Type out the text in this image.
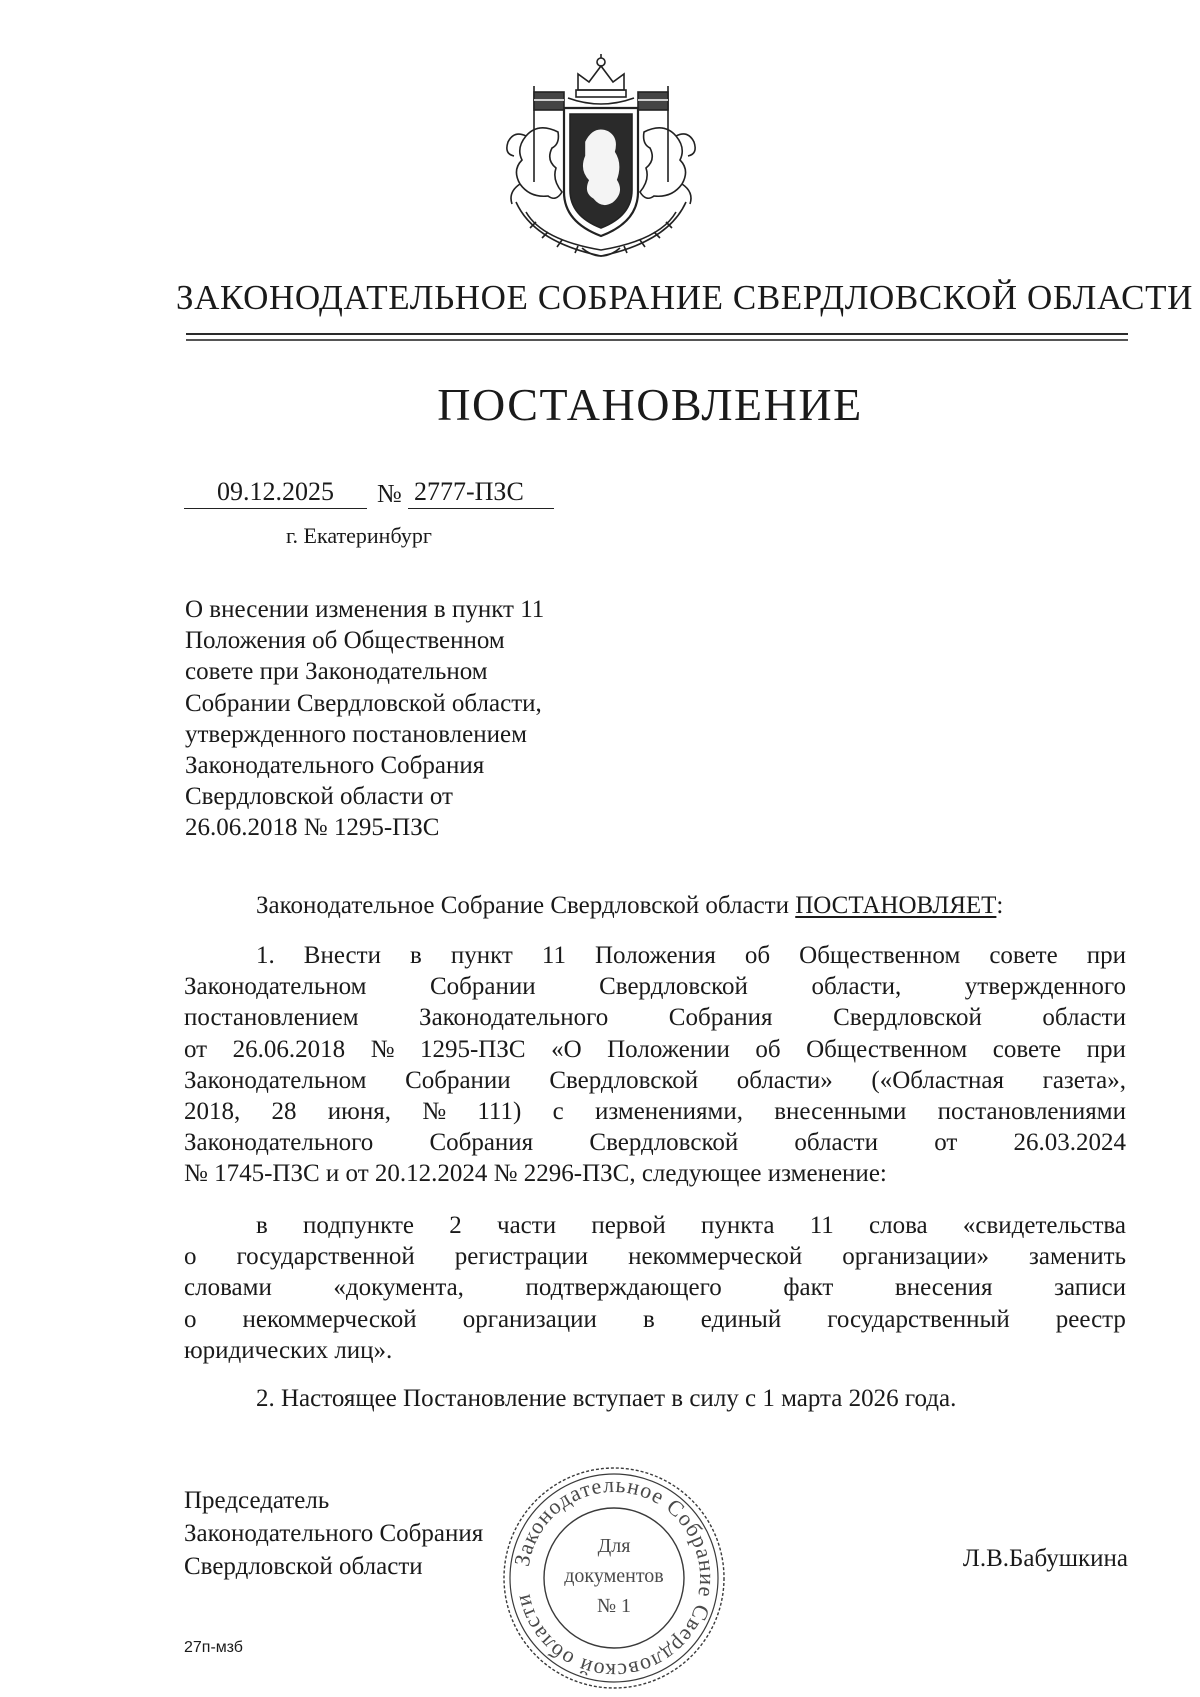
ЗАКОНОДАТЕЛЬНОЕ СОБРАНИЕ СВЕРДЛОВСКОЙ ОБЛАСТИ
ПОСТАНОВЛЕНИЕ
09.12.2025	№ 2777-ПЗС
г. Екатеринбург
О внесении изменения в пункт 11
Положения об Общественном
совете при Законодательном
Собрании Свердловской области,
утвержденного постановлением
Законодательного Собрания
Свердловской области от
26.06.2018 № 1295-ПЗС
Законодательное Собрание Свердловской области ПОСТАНОВЛЯЕТ:
1. Внести в пункт 11 Положения об Общественном совете при
Законодательном	Собрании	Свердловской	области,	утвержденного
постановлением Законодательного Собрания Свердловской области
от 26.06.2018 № 1295-ПЗС «О Положении об Общественном совете при
Законодательном Собрании Свердловской области» («Областная газета»,
2018, 28 июня, № 111) с изменениями, внесенными постановлениями
Законодательного Собрания Свердловской области от 26.03.2024
№ 1745-ПЗС и от 20.12.2024 № 2296-ПЗС, следующее изменение:
в подпункте 2 части первой пункта 11 слова «свидетельства
о государственной регистрации некоммерческой организации» заменить
словами «документа, подтверждающего факт внесения записи
о некоммерческой организации в единый государственный реестр
юридических лиц».
2. Настоящее Постановление вступает в силу с 1 марта 2026 года.
Председатель
Законодательного Собрания
Свердловской области	Л.В.Бабушкина
Законодательное Собрание Свердловской области
Для
документов
№ 1
27п-мзб
